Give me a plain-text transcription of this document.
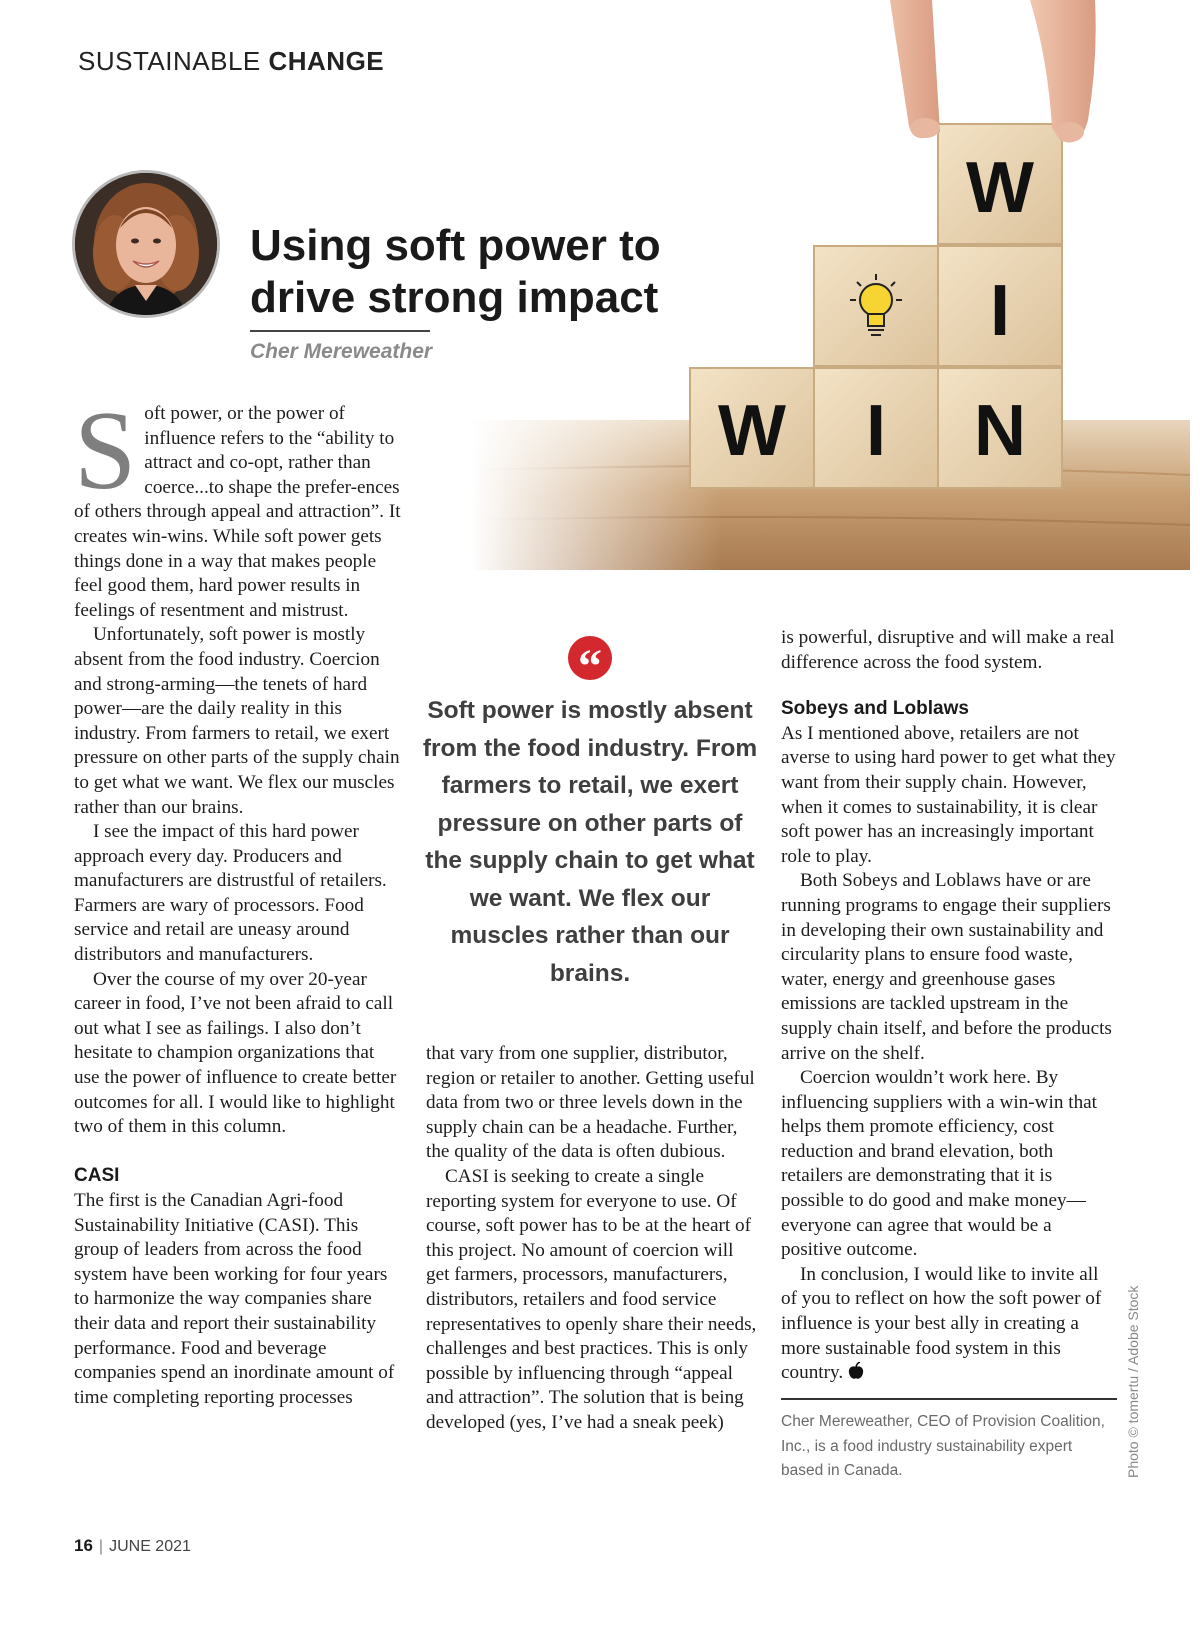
SUSTAINABLE CHANGE
Using soft power to drive strong impact
Cher Mereweather
W I N
I
W

Soft power, or the power of influence refers to the “ability to attract and co-opt, rather than coerce...to shape the prefer-ences of others through appeal and attraction”. It creates win-wins. While soft power gets things done in a way that makes people feel good them, hard power results in feelings of resentment and mistrust.

Unfortunately, soft power is mostly absent from the food industry. Coercion and strong-arming—the tenets of hard power—are the daily reality in this industry. From farmers to retail, we exert pressure on other parts of the supply chain to get what we want. We flex our muscles rather than our brains.

I see the impact of this hard power approach every day. Producers and manufacturers are distrustful of retailers. Farmers are wary of processors. Food service and retail are uneasy around distributors and manufacturers.

Over the course of my over 20-year career in food, I’ve not been afraid to call out what I see as failings. I also don’t hesitate to champion organizations that use the power of influence to create better outcomes for all. I would like to highlight two of them in this column.

CASI

The first is the Canadian Agri-food Sustainability Initiative (CASI). This group of leaders from across the food system have been working for four years to harmonize the way companies share their data and report their sustainability performance. Food and beverage companies spend an inordinate amount of time completing reporting processes

“

Soft power is mostly absent from the food industry. From farmers to retail, we exert pressure on other parts of the supply chain to get what we want. We flex our muscles rather than our brains.

that vary from one supplier, distributor, region or retailer to another. Getting useful data from two or three levels down in the supply chain can be a headache. Further, the quality of the data is often dubious.

CASI is seeking to create a single reporting system for everyone to use. Of course, soft power has to be at the heart of this project. No amount of coercion will get farmers, processors, manufacturers, distributors, retailers and food service representatives to openly share their needs, challenges and best practices. This is only possible by influencing through “appeal and attraction”. The solution that is being developed (yes, I’ve had a sneak peek)

is powerful, disruptive and will make a real difference across the food system.

Sobeys and Loblaws

As I mentioned above, retailers are not averse to using hard power to get what they want from their supply chain. However, when it comes to sustainability, it is clear soft power has an increasingly important role to play.

Both Sobeys and Loblaws have or are running programs to engage their suppliers in developing their own sustainability and circularity plans to ensure food waste, water, energy and greenhouse gases emissions are tackled upstream in the supply chain itself, and before the products arrive on the shelf.

Coercion wouldn’t work here. By influencing suppliers with a win-win that helps them promote efficiency, cost reduction and brand elevation, both retailers are demonstrating that it is possible to do good and make money—everyone can agree that would be a positive outcome.

In conclusion, I would like to invite all of you to reflect on how the soft power of influence is your best ally in creating a more sustainable food system in this country.

Cher Mereweather, CEO of Provision Coalition, Inc., is a food industry sustainability expert based in Canada.	Photo © tomertu / Adobe Stock
16 | JUNE 2021
